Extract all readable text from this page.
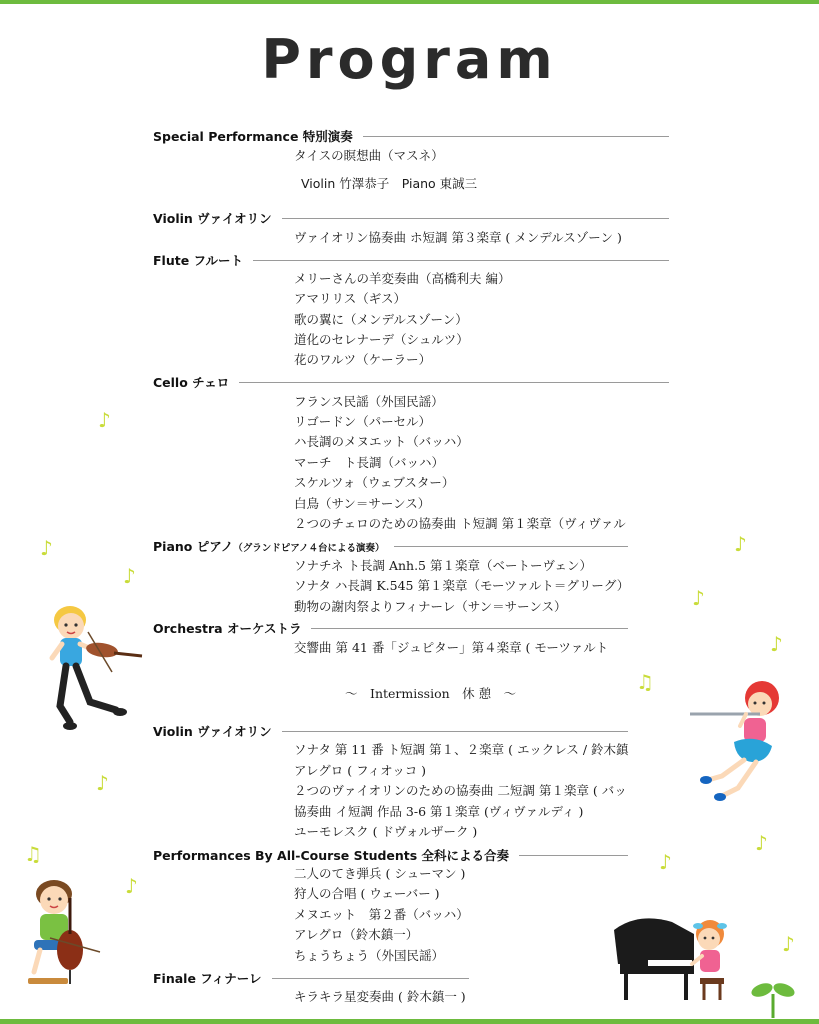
Program
Special Performance 特別演奏
タイスの瞑想曲（マスネ）
Violin 竹澤恭子　Piano 東誠三
Violin ヴァイオリン
ヴァイオリン協奏曲 ホ短調 第３楽章 ( メンデルスゾーン )
Flute フルート
メリーさんの羊変奏曲（高橋利夫 編）
アマリリス（ギス）
歌の翼に（メンデルスゾーン）
道化のセレナーデ（シュルツ）
花のワルツ（ケーラー）
Cello チェロ
フランス民謡（外国民謡）
リゴードン（パーセル）
ハ長調のメヌエット（バッハ）
マーチ　ト長調（バッハ）
スケルツォ（ウェブスター）
白鳥（サン＝サーンス）
２つのチェロのための協奏曲 ト短調 第１楽章（ヴィヴァル
Piano ピアノ（グランドピアノ４台による演奏）
ソナチネ ト長調 Anh.5 第１楽章（ベートーヴェン）
ソナタ ハ長調 K.545 第１楽章（モーツァルト＝グリーグ）
動物の謝肉祭よりフィナーレ（サン＝サーンス）
Orchestra オーケストラ
交響曲 第 41 番「ジュピター」第４楽章 ( モーツァルト
～　Intermission　休 憩　～
Violin ヴァイオリン
ソナタ 第 11 番 ト短調 第１、２楽章 ( エックレス / 鈴木鎮
アレグロ ( フィオッコ )
２つのヴァイオリンのための協奏曲 二短調 第１楽章 ( バッ
協奏曲 イ短調 作品 3-6 第１楽章 (ヴィヴァルディ )
ユーモレスク ( ドヴォルザーク )
Performances By All-Course Students 全科による合奏
二人のてき弾兵 ( シューマン )
狩人の合唱 ( ウェーバー )
メヌエット　第２番（バッハ）
アレグロ（鈴木鎮一）
ちょうちょう（外国民謡）
Finale フィナーレ
キラキラ星変奏曲 ( 鈴木鎮一 )
♪
♪
♪
♪
♪
♪
♫
♪
♫
♪
♪
♪
♪
